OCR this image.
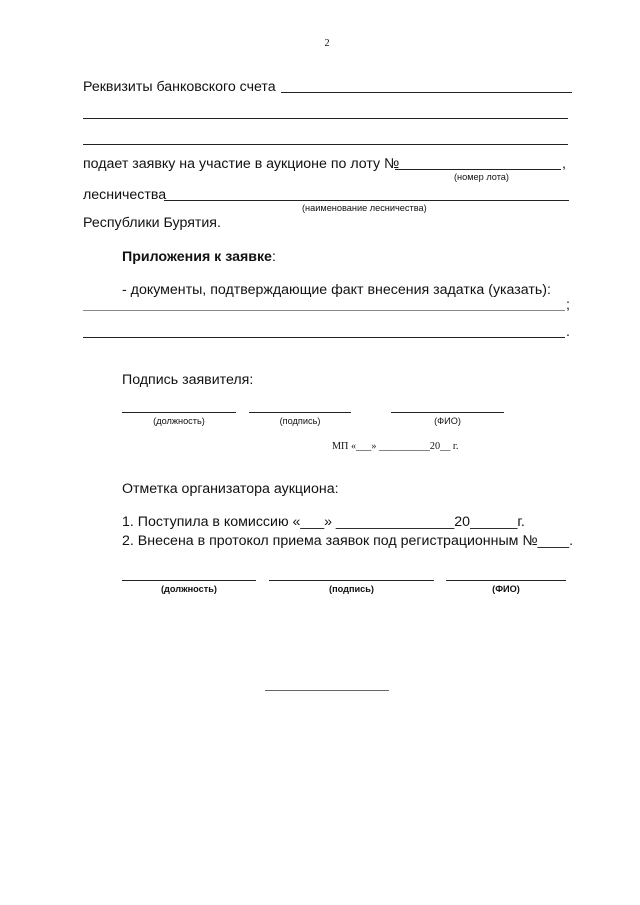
2
Реквизиты банковского счета
подает заявку на участие в аукционе по лоту №	,
(номер лота)
лесничества
(наименование лесничества)
Республики Бурятия.
Приложения к заявке:
- документы, подтверждающие факт внесения задатка (указать):
;
.
Подпись заявителя:
(должность)	(подпись)	(ФИО)
МП «___» __________20__ г.
Отметка организатора аукциона:
1. Поступила в комиссию «___» _______________20______г.
2. Внесена в протокол приема заявок под регистрационным №____.
(должность)	(подпись)	(ФИО)
